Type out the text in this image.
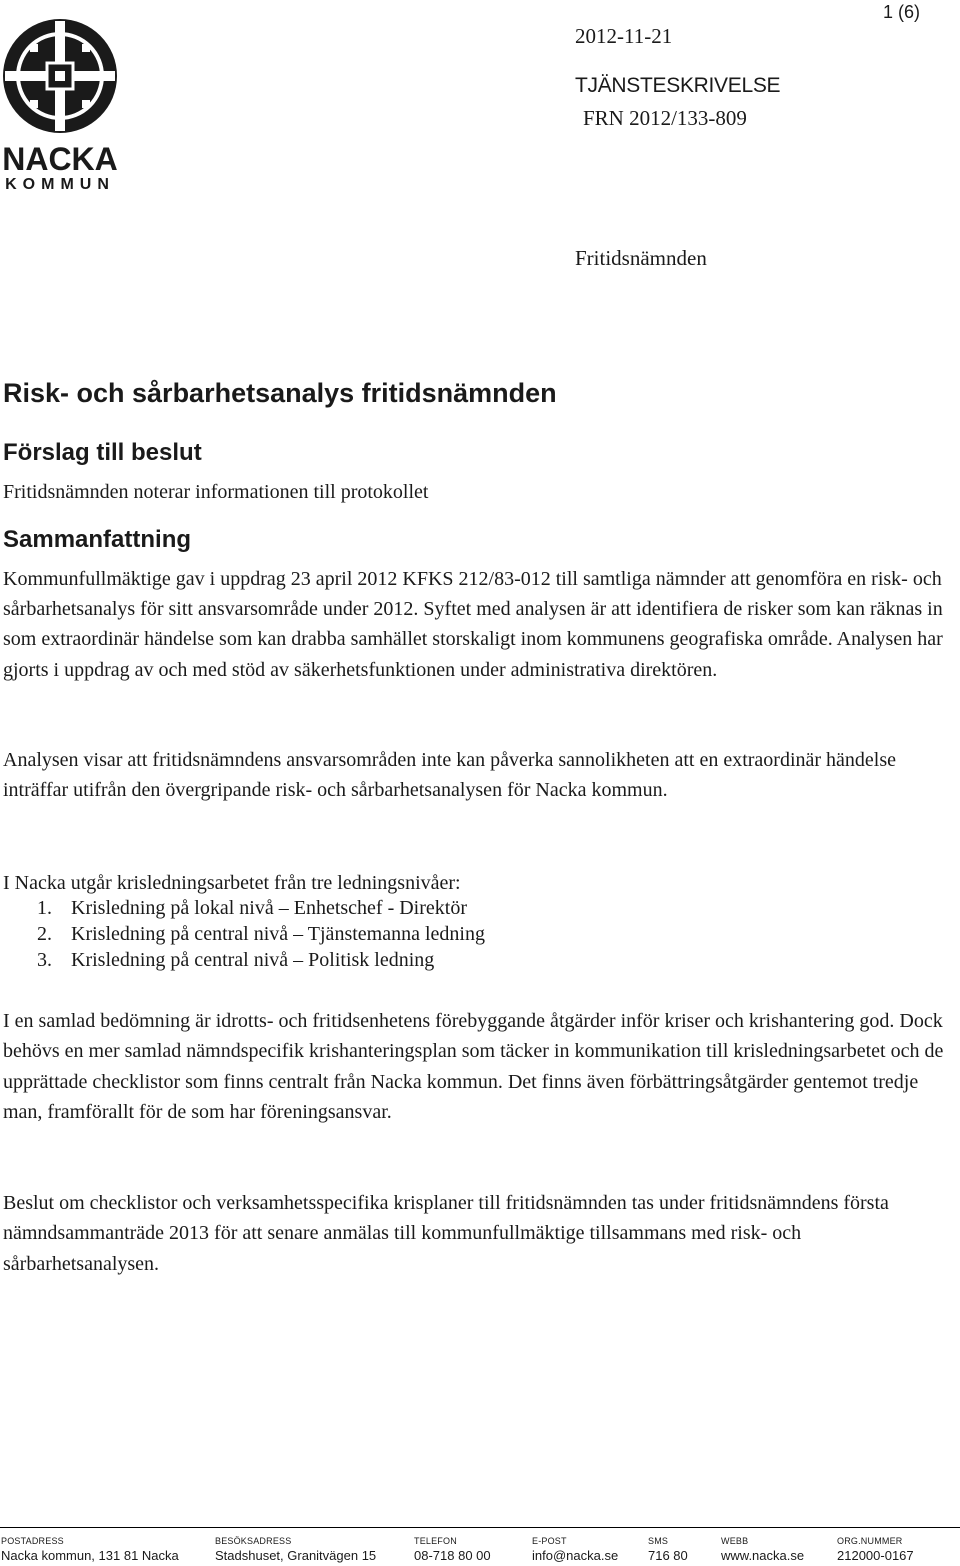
NACKA
KOMMUN
1 (6)
2012-11-21
TJÄNSTESKRIVELSE
FRN 2012/133-809
Fritidsnämnden
Risk- och sårbarhetsanalys fritidsnämnden
Förslag till beslut

Fritidsnämnden noterar informationen till protokollet

Sammanfattning

Kommunfullmäktige gav i uppdrag 23 april 2012 KFKS 212/83-012 till samtliga nämnder att genomföra en risk- och sårbarhetsanalys för sitt ansvarsområde under 2012. Syftet med analysen är att identifiera de risker som kan räknas in som extraordinär händelse som kan drabba samhället storskaligt inom kommunens geografiska område. Analysen har gjorts i uppdrag av och med stöd av säkerhetsfunktionen under administrativa direktören.

Analysen visar att fritidsnämndens ansvarsområden inte kan påverka sannolikheten att en extraordinär händelse inträffar utifrån den övergripande risk- och sårbarhetsanalysen för Nacka kommun.

I Nacka utgår krisledningsarbetet från tre ledningsnivåer:

1. Krisledning på lokal nivå – Enhetschef - Direktör
2. Krisledning på central nivå – Tjänstemanna ledning
3. Krisledning på central nivå – Politisk ledning

I en samlad bedömning är idrotts- och fritidsenhetens förebyggande åtgärder inför kriser och krishantering god. Dock behövs en mer samlad nämndspecifik krishanteringsplan som täcker in kommunikation till krisledningsarbetet och de upprättade checklistor som finns centralt från Nacka kommun. Det finns även förbättringsåtgärder gentemot tredje man, framförallt för de som har föreningsansvar.

Beslut om checklistor och verksamhetsspecifika krisplaner till fritidsnämnden tas under fritidsnämndens första nämndsammanträde 2013 för att senare anmälas till kommunfullmäktige tillsammans med risk- och sårbarhetsanalysen.

POSTADRESS
Nacka kommun, 131 81 Nacka
BESÖKSADRESS
Stadshuset, Granitvägen 15
TELEFON
08-718 80 00
E-POST
info@nacka.se
SMS
716 80
WEBB
www.nacka.se
ORG.NUMMER
212000-0167
